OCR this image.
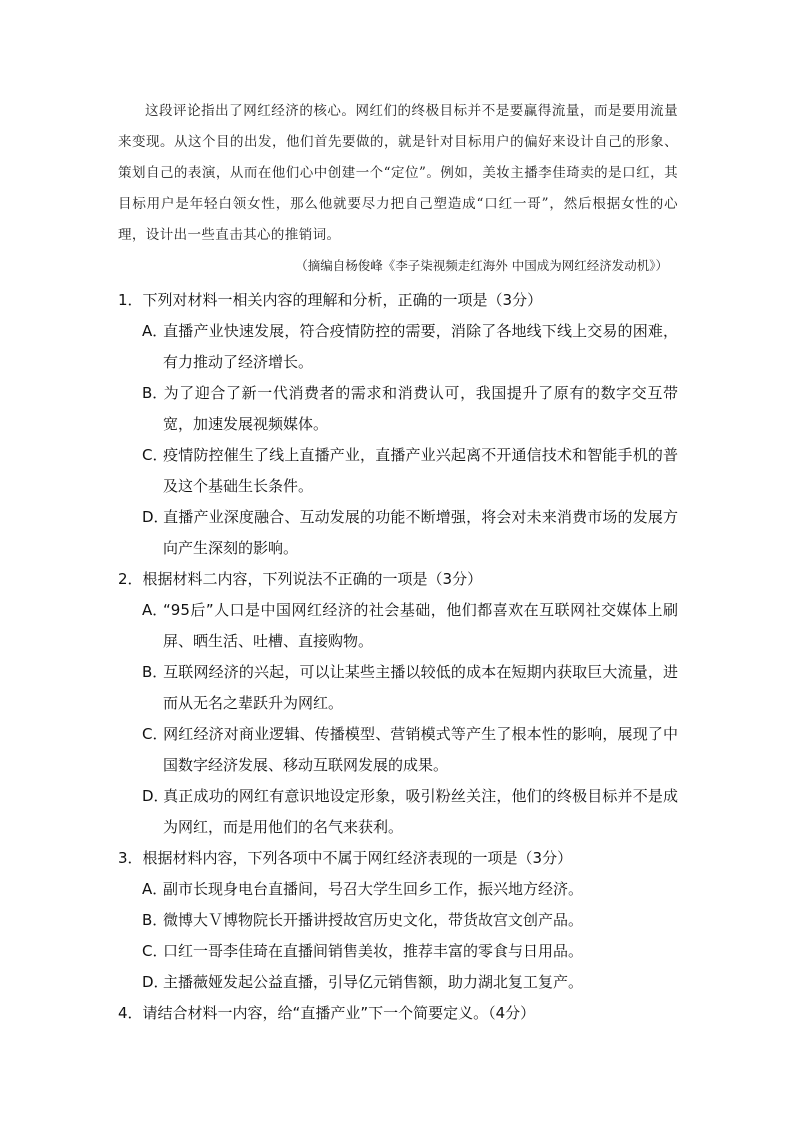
这段评论指出了网红经济的核心。网红们的终极目标并不是要赢得流量，而是要用流量来变现。从这个目的出发，他们首先要做的，就是针对目标用户的偏好来设计自己的形象、策划自己的表演，从而在他们心中创建一个“定位”。例如，美妆主播李佳琦卖的是口红，其目标用户是年轻白领女性，那么他就要尽力把自己塑造成“口红一哥”，然后根据女性的心理，设计出一些直击其心的推销词。

（摘编自杨俊峰《李子柒视频走红海外 中国成为网红经济发动机》）
1．下列对材料一相关内容的理解和分析，正确的一项是（3分）
A．直播产业快速发展，符合疫情防控的需要，消除了各地线下线上交易的困难，有力推动了经济增长。
B．为了迎合了新一代消费者的需求和消费认可，我国提升了原有的数字交互带宽，加速发展视频媒体。
C．疫情防控催生了线上直播产业，直播产业兴起离不开通信技术和智能手机的普及这个基础生长条件。
D．直播产业深度融合、互动发展的功能不断增强，将会对未来消费市场的发展方向产生深刻的影响。
2．根据材料二内容，下列说法不正确的一项是（3分）
A．“95后”人口是中国网红经济的社会基础，他们都喜欢在互联网社交媒体上刷屏、晒生活、吐槽、直接购物。
B．互联网经济的兴起，可以让某些主播以较低的成本在短期内获取巨大流量，进而从无名之辈跃升为网红。
C．网红经济对商业逻辑、传播模型、营销模式等产生了根本性的影响，展现了中国数字经济发展、移动互联网发展的成果。
D．真正成功的网红有意识地设定形象，吸引粉丝关注，他们的终极目标并不是成为网红，而是用他们的名气来获利。
3．根据材料内容，下列各项中不属于网红经济表现的一项是（3分）
A．副市长现身电台直播间，号召大学生回乡工作，振兴地方经济。
B．微博大Ｖ博物院长开播讲授故宫历史文化，带货故宫文创产品。
C．口红一哥李佳琦在直播间销售美妆，推荐丰富的零食与日用品。
D．主播薇娅发起公益直播，引导亿元销售额，助力湖北复工复产。
4．请结合材料一内容，给“直播产业”下一个简要定义。（4分）
